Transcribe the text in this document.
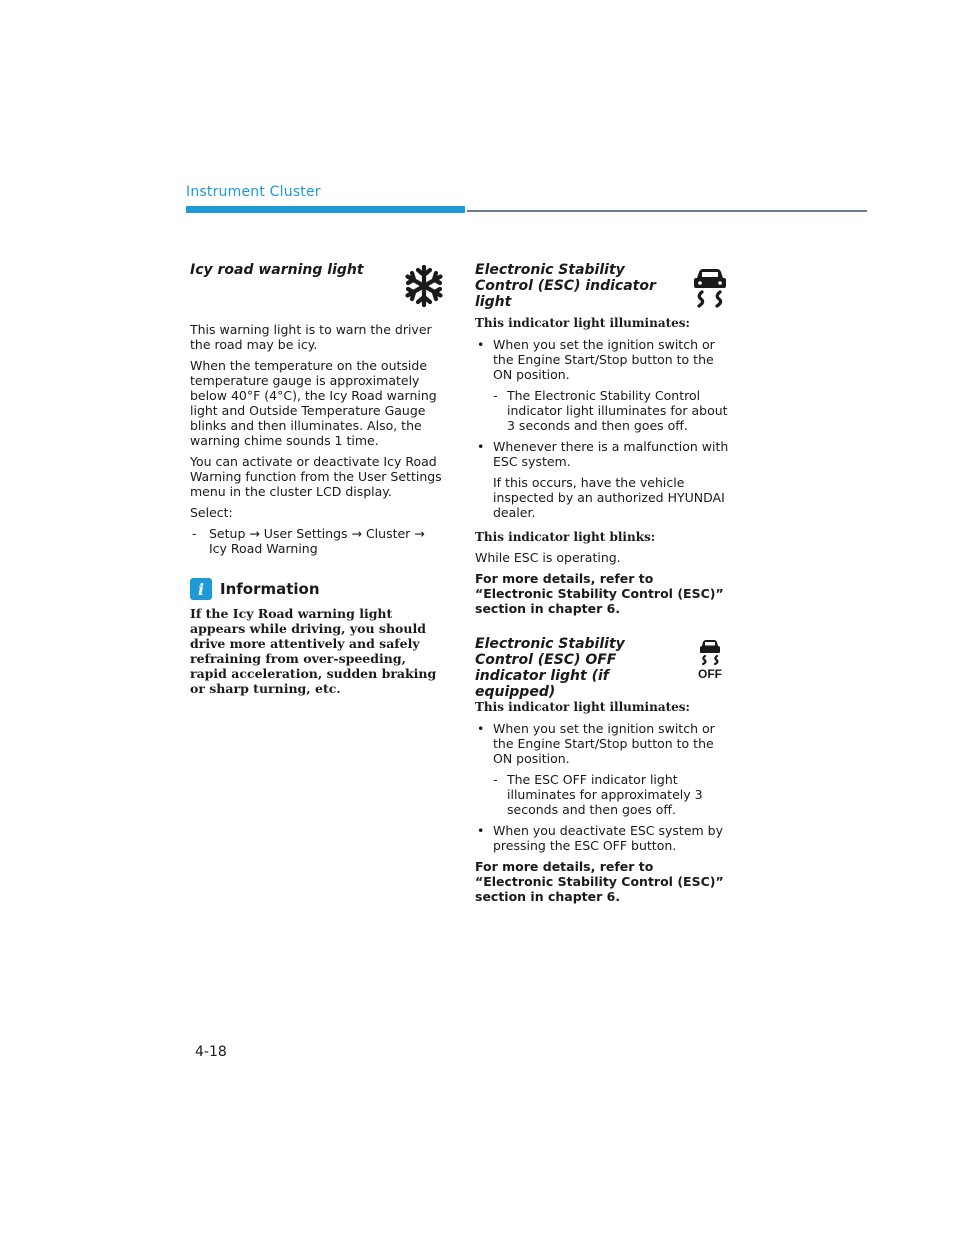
Instrument Cluster
Icy road warning light

This warning light is to warn the driver the road may be icy.

When the temperature on the outside temperature gauge is approximately below 40°F (4°C), the Icy Road warning light and Outside Temperature Gauge blinks and then illuminates. Also, the warning chime sounds 1 time.

You can activate or deactivate Icy Road Warning function from the User Settings menu in the cluster LCD display.

Select:

- Setup → User Settings → Cluster → Icy Road Warning
i	Information

If the Icy Road warning light appears while driving, you should drive more attentively and safely refraining from over-speeding, rapid acceleration, sudden braking or sharp turning, etc.

Electronic Stability Control (ESC) indicator light

This indicator light illuminates:

• When you set the ignition switch or the Engine Start/Stop button to the ON position.
- The Electronic Stability Control indicator light illuminates for about 3 seconds and then goes off.
• Whenever there is a malfunction with ESC system.
If this occurs, have the vehicle inspected by an authorized HYUNDAI dealer.

This indicator light blinks:

While ESC is operating.

For more details, refer to “Electronic Stability Control (ESC)” section in chapter 6.

Electronic Stability Control (ESC) OFF indicator light (if equipped)
OFF

This indicator light illuminates:

• When you set the ignition switch or the Engine Start/Stop button to the ON position.
- The ESC OFF indicator light illuminates for approximately 3 seconds and then goes off.
• When you deactivate ESC system by pressing the ESC OFF button.

For more details, refer to “Electronic Stability Control (ESC)” section in chapter 6.

4-18
